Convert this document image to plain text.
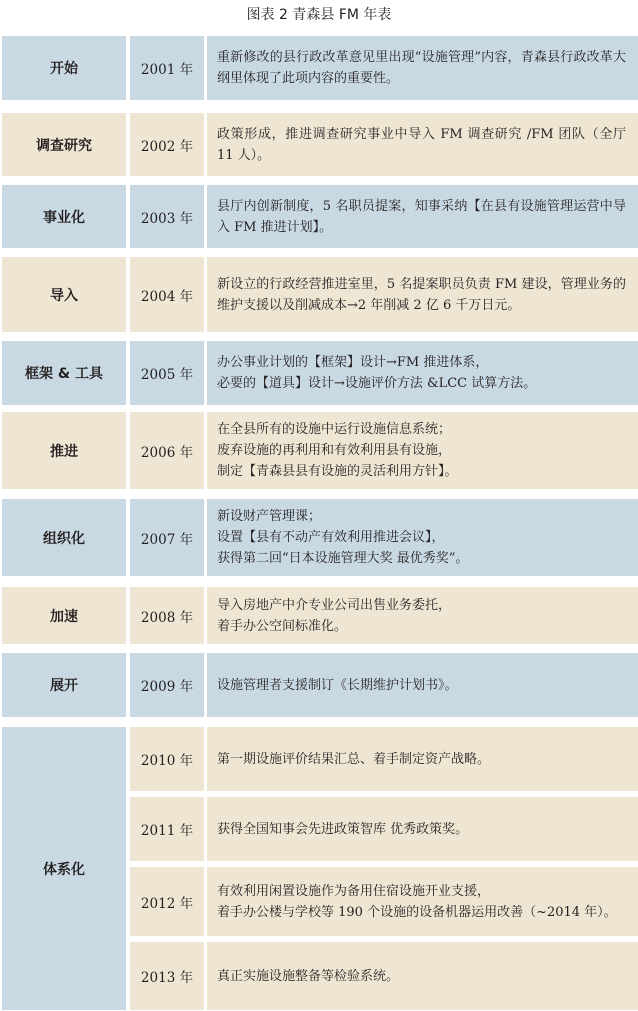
图表 2 青森县 FM 年表
开始	2001 年
重新修改的县行政改革意见里出现“设施管理”内容，青森县行政改革大纲里体现了此项内容的重要性。
调查研究	2002 年
政策形成，推进调查研究事业中导入 FM 调查研究 /FM 团队（全厅 11 人）。
事业化	2003 年
县厅内创新制度，5 名职员提案，知事采纳【在县有设施管理运营中导入 FM 推进计划】。
导入	2004 年
新设立的行政经营推进室里，5 名提案职员负责 FM 建设，管理业务的维护支援以及削减成本→2 年削减 2 亿 6 千万日元。
框架 & 工具	2005 年
办公事业计划的【框架】设计→FM 推进体系，
必要的【道具】设计→设施评价方法 &LCC 试算方法。
推进	2006 年
在全县所有的设施中运行设施信息系统；
废弃设施的再利用和有效利用县有设施，
制定【青森县县有设施的灵活利用方针】。
组织化	2007 年
新设财产管理课；
设置【县有不动产有效利用推进会议】，
获得第二回“日本设施管理大奖 最优秀奖”。
加速	2008 年
导入房地产中介专业公司出售业务委托，
着手办公空间标准化。
展开	2009 年 设施管理者支援制订《长期维护计划书》。
体系化
2010 年 第一期设施评价结果汇总、着手制定资产战略。
2011 年 获得全国知事会先进政策智库 优秀政策奖。
2012 年
有效利用闲置设施作为备用住宿设施开业支援，
着手办公楼与学校等 190 个设施的设备机器运用改善（~2014 年）。
2013 年 真正实施设施整备等检验系统。
